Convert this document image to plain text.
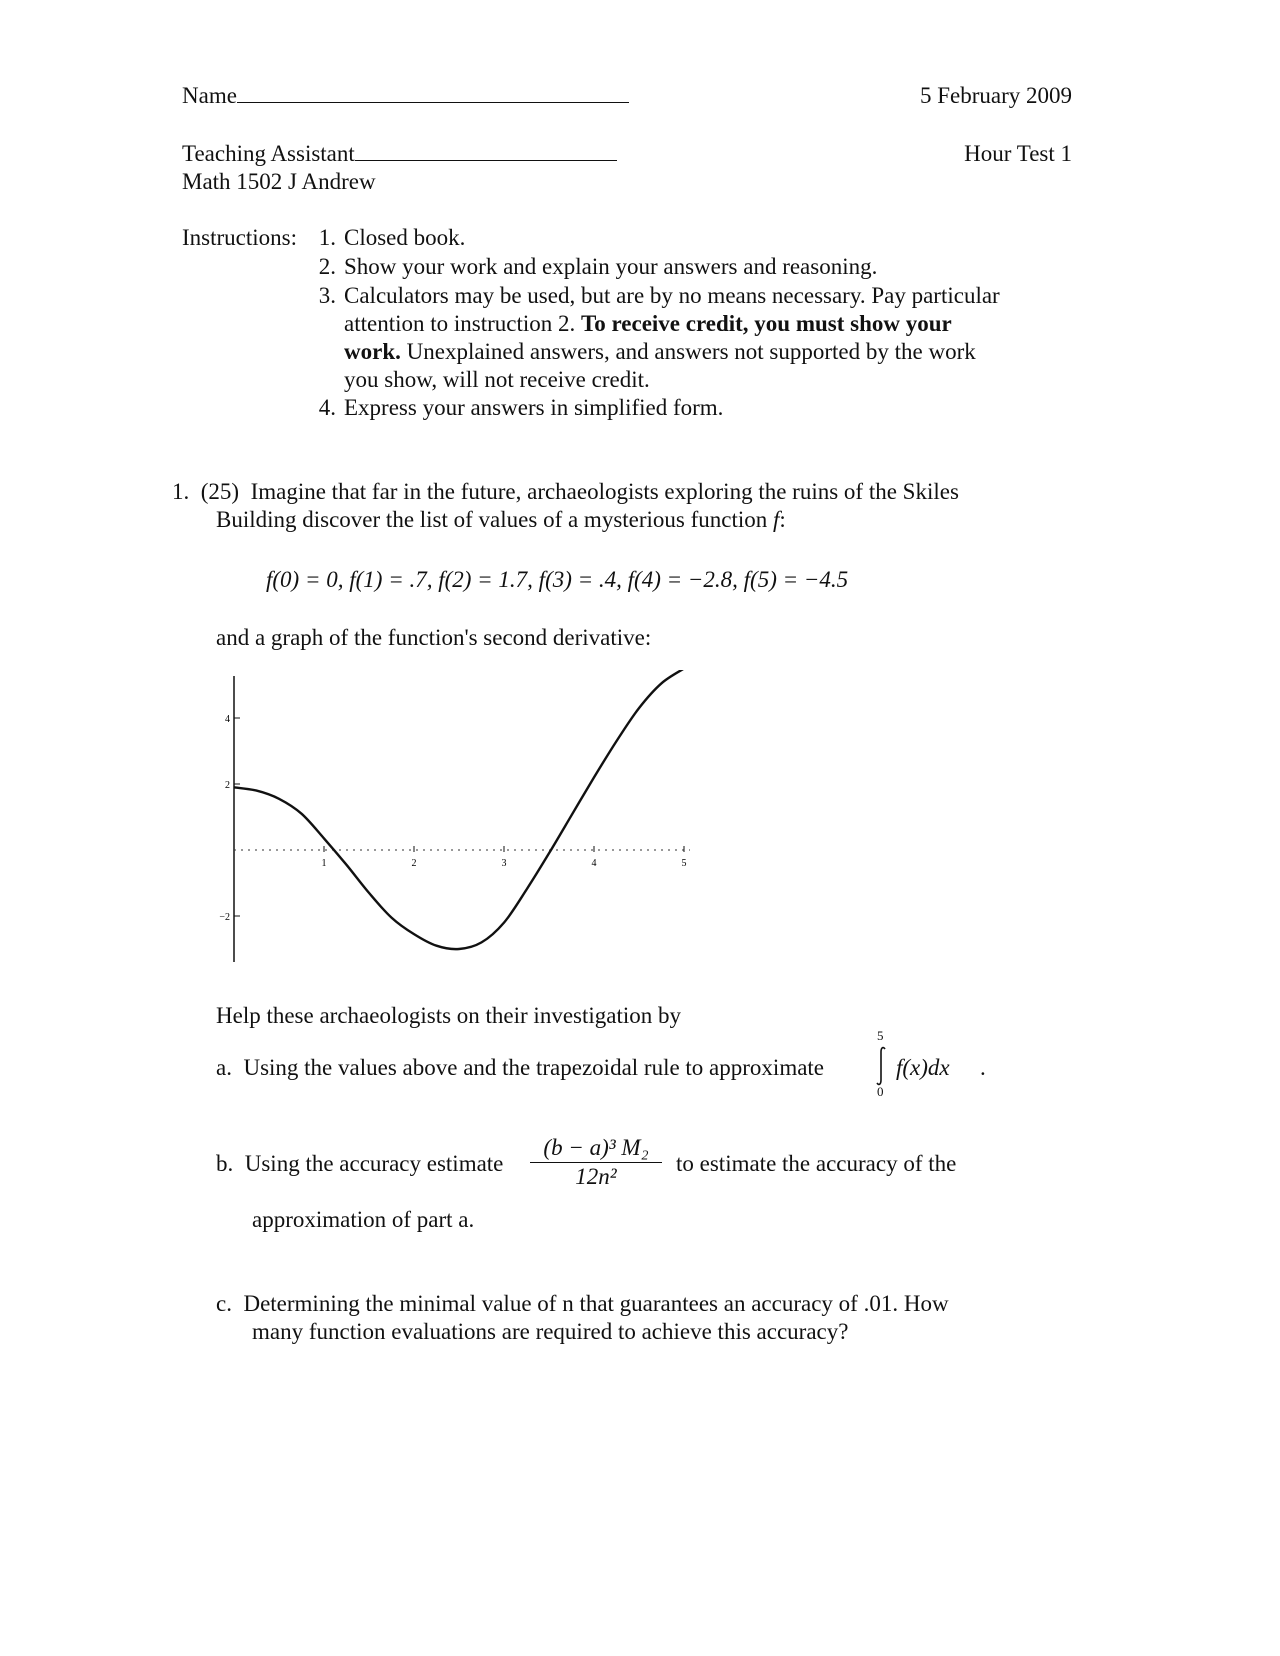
Name	5 February 2009
Teaching Assistant	Hour Test 1
Math 1502 J Andrew
Instructions: 1. Closed book.
2. Show your work and explain your answers and reasoning.
3. Calculators may be used, but are by no means necessary. Pay particular
attention to instruction 2. To receive credit, you must show your
work. Unexplained answers, and answers not supported by the work
you show, will not receive credit.
4. Express your answers in simplified form.
1. (25) Imagine that far in the future, archaeologists exploring the ruins of the Skiles
Building discover the list of values of a mysterious function f:
f(0) = 0, f(1) = .7, f(2) = 1.7, f(3) = .4, f(4) = −2.8, f(5) = −4.5
and a graph of the function's second derivative:
1	2	3	4	5
4
2
−2
Help these archaeologists on their investigation by
a. Using the values above and the trapezoidal rule to approximate
5
0
f(x)dx .
b. Using the accuracy estimate $\frac{\text{(b − a)³ M₂}}{\text{12n²}}$ to estimate the accuracy of the
approximation of part a.
c. Determining the minimal value of n that guarantees an accuracy of .01. How
many function evaluations are required to achieve this accuracy?
